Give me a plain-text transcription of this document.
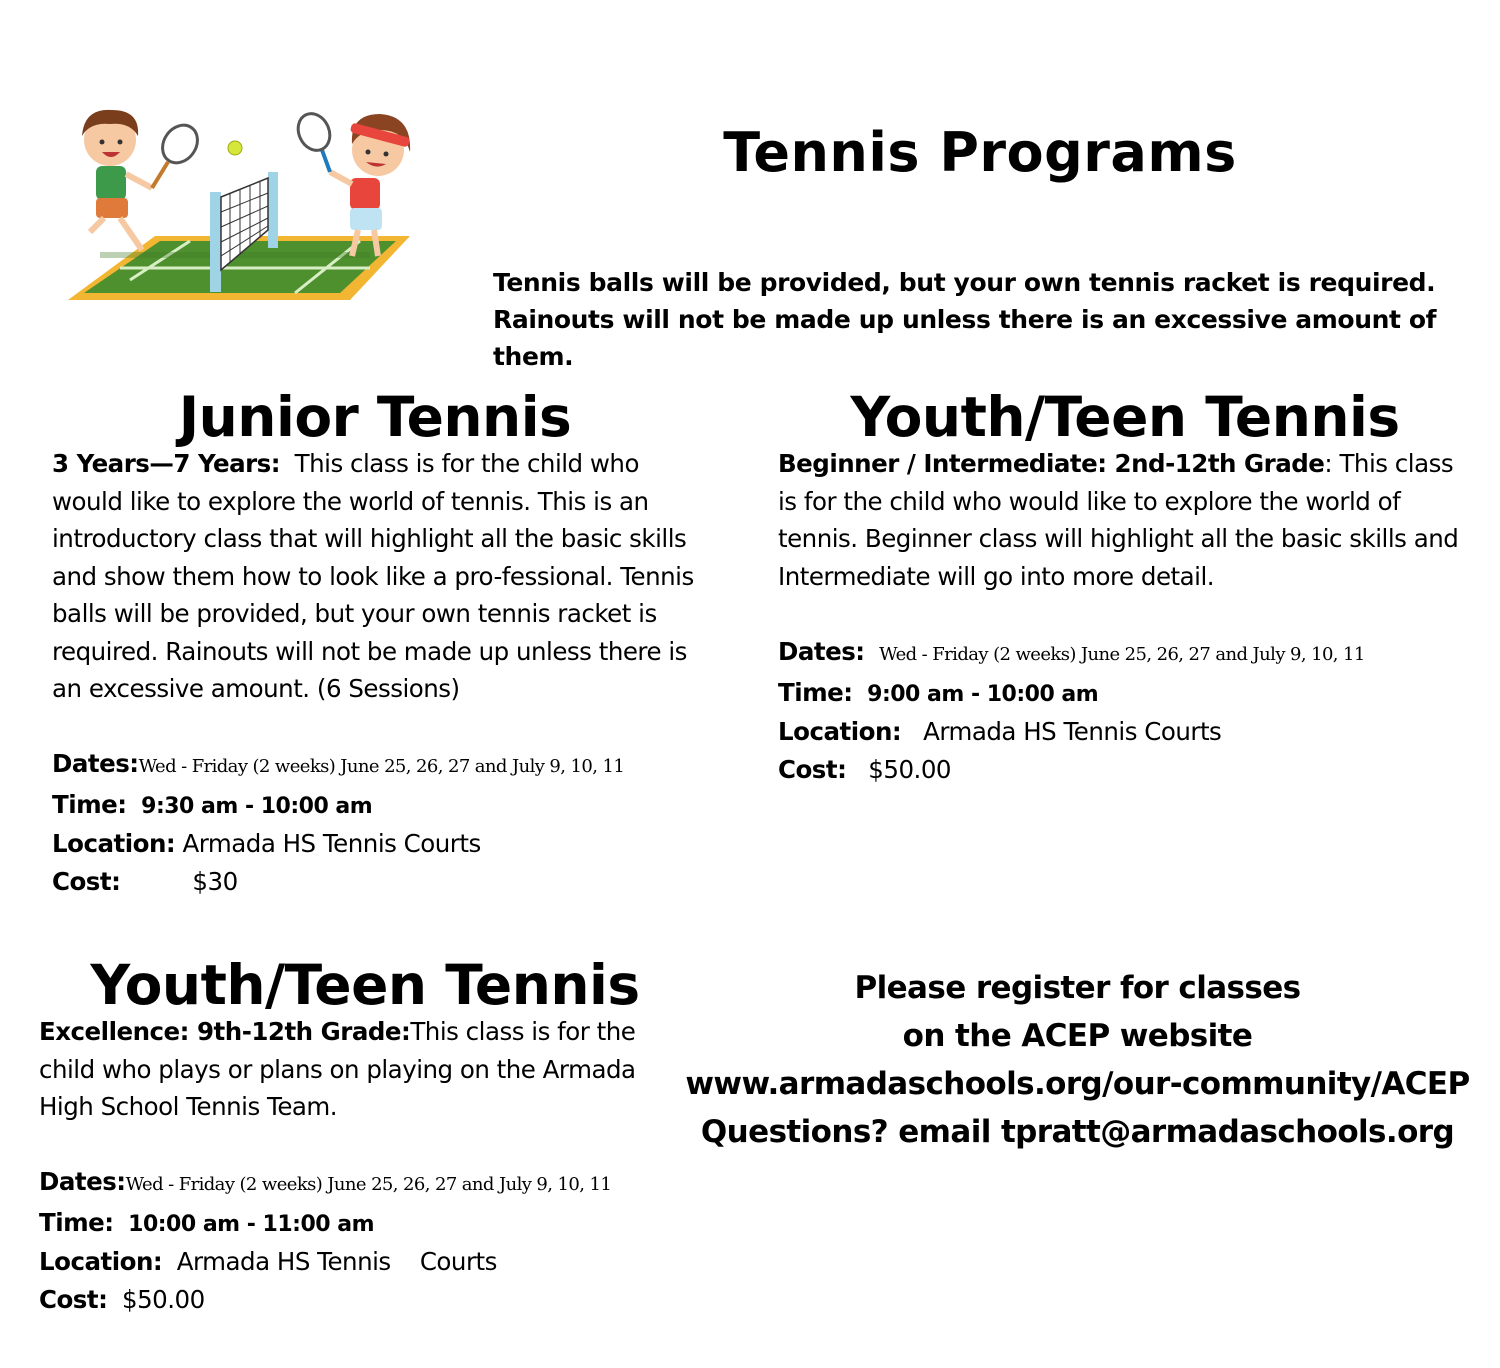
Tennis Programs
Tennis balls will be provided, but your own tennis racket is required. Rainouts will not be made up unless there is an excessive amount of them.
Junior Tennis
3 Years—7 Years: This class is for the child who would like to explore the world of tennis. This is an introductory class that will highlight all the basic skills and show them how to look like a pro-fessional. Tennis balls will be provided, but your own tennis racket is required. Rainouts will not be made up unless there is an excessive amount. (6 Sessions)
Dates:Wed - Friday (2 weeks) June 25, 26, 27 and July 9, 10, 11
Time: 9:30 am - 10:00 am
Location: Armada HS Tennis Courts
Cost:	$30
Youth/Teen Tennis
Beginner / Intermediate: 2nd-12th Grade: This class is for the child who would like to explore the world of tennis. Beginner class will highlight all the basic skills and Intermediate will go into more detail.
Dates: Wed - Friday (2 weeks) June 25, 26, 27 and July 9, 10, 11
Time: 9:00 am - 10:00 am
Location: Armada HS Tennis Courts
Cost: $50.00
Youth/Teen Tennis
Excellence: 9th-12th Grade:This class is for the child who plays or plans on playing on the Armada High School Tennis Team.
Dates:Wed - Friday (2 weeks) June 25, 26, 27 and July 9, 10, 11
Time: 10:00 am - 11:00 am
Location: Armada HS Tennis    Courts
Cost: $50.00
Please register for classes
on the ACEP website
www.armadaschools.org/our-community/ACEP
Questions? email tpratt@armadaschools.org
